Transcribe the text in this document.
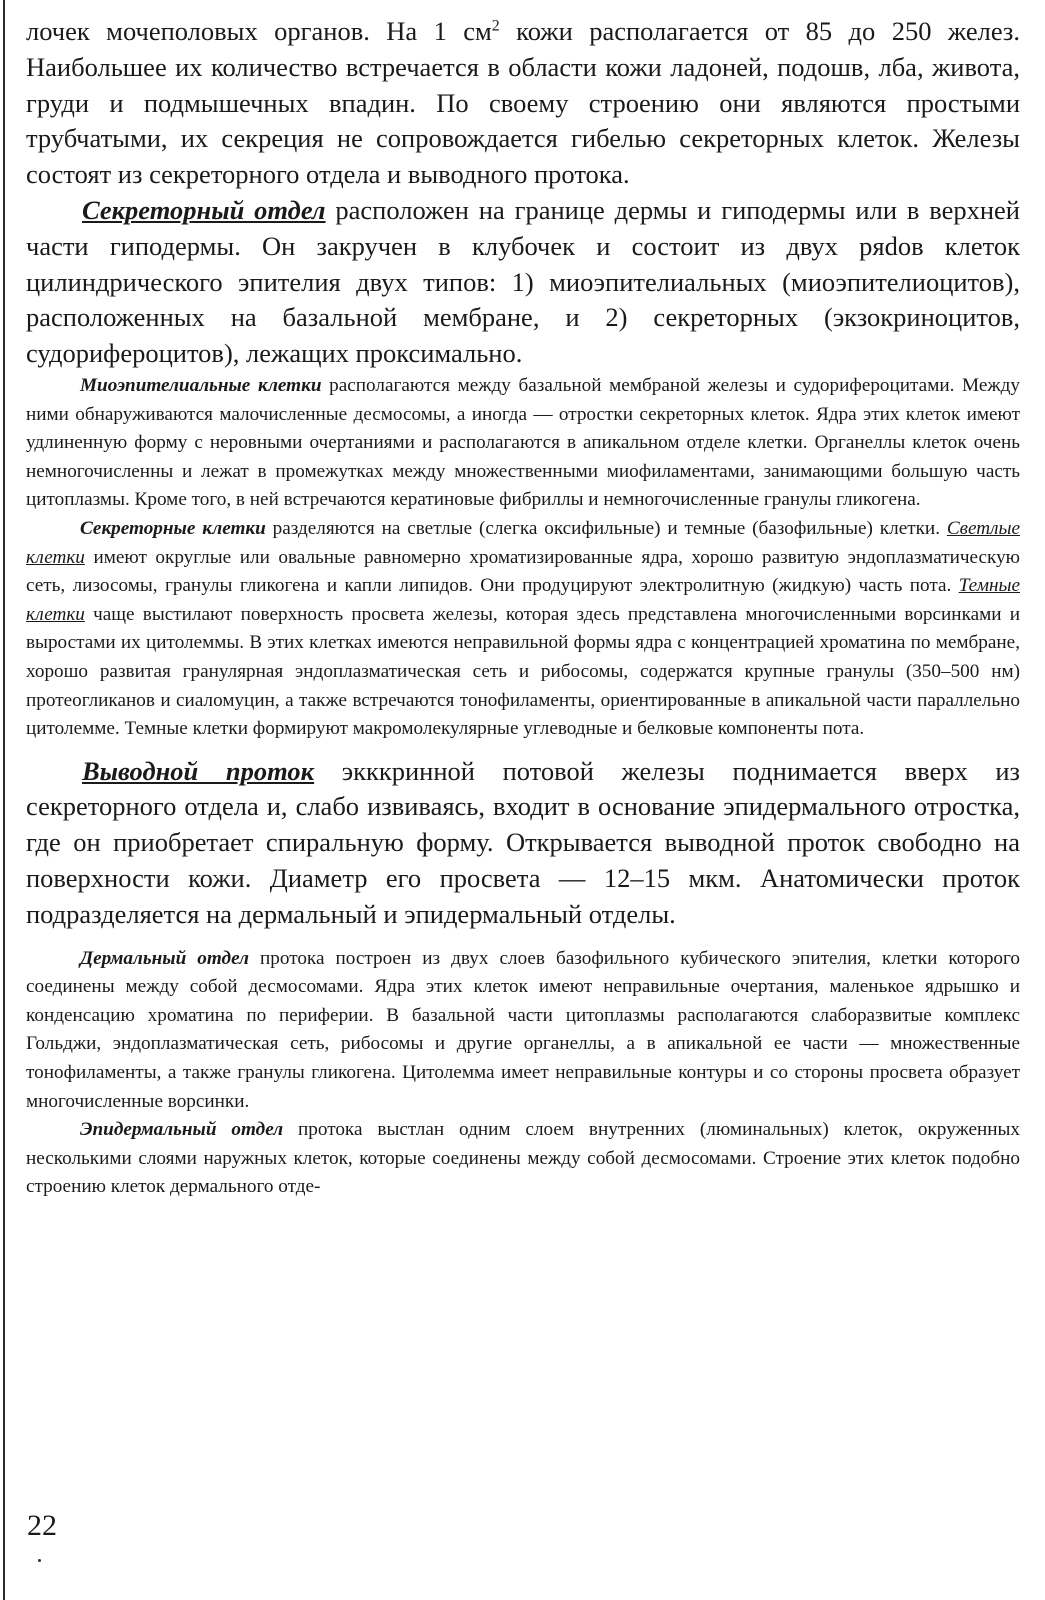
лочек мочеполовых органов. На 1 $см^2$ кожи располагается от 85 до 250 желез. Наибольшее их количество встречается в области кожи ладоней, подошв, лба, живота, груди и подмышечных впадин. По своему строeнию они являются простыми трубчатыми, их секреция не сопровождается гибелью секреторных клеток. Железы состоят из секреторного отдела и выводного протока.

Секреторный отдел расположен на границе дермы и гиподермы или в верхней части гиподермы. Он закручен в клубочек и состоит из двух ряdов клеток цилиндрического эпителия двух типов: 1) миоэпителиальных (миоэпителиоцитов), расположенных на базальной мембране, и 2) секреторных (экзокриноцитов, судорифероцитов), лежащих проксимально.

Миоэпителиальные клетки располагаются между базальной мембраной железы и судорифероцитами. Между ними обнаруживаются малочисленные десмосомы, а иногда — отростки секреторных клеток. Ядра этих клеток имеют удлиненную форму с неровными очертаниями и располагаются в апикальном отделе клетки. Органеллы клеток очень немногочисленны и лежат в промежутках между множественными миофиламентами, занимающими большую часть цитоплазмы. Кроме того, в ней встречаются кератиновые фибриллы и немногочисленные гранулы гликогена.

Секреторные клетки разделяются на светлые (слегка оксифильные) и темные (базофильные) клетки. Светлые клетки имеют округлые или овальные равномерно хроматизированные ядра, хорошо развитую эндоплазматическую сеть, лизосомы, гранулы гликогена и капли липидов. Они продуцируют электролитную (жидкую) часть пота. Темные клетки чаще выстилают поверхность просвета железы, которая здесь представлена многочисленными ворсинками и выростами их цитолеммы. В этих клетках имеются неправильной формы ядра с концентрацией хроматина по мембране, хорошо развитая гранулярная эндоплазматическая сеть и рибосомы, содержатся крупные гранулы (350–500 нм) протеогликанов и сиаломуцин, а также встречаются тонофиламенты, ориентированные в апикальной части параллельно цитолемме. Темные клетки формируют макромолекулярные углеводные и белковые компоненты пота.

Выводной проток экккринной потовой железы поднимается вверх из секреторного отдела и, слабо извиваясь, входит в основание эпидермального отростка, где он приобретает спиральную форму. Открывается выводной проток свободно на поверхности кожи. Диаметр его просвета — 12–15 мкм. Анатомически проток подразделяется на дермальный и эпидермальный отделы.

Дермальный отдел протока построен из двух слоев базофильного кубического эпителия, клетки которого соединены между собой десмосомами. Ядра этих клеток имеют неправильные очертания, маленькое ядрышко и конденсацию хроматина по периферии. В базальной части цитоплазмы располагаются слаборазвитые комплекс Гольджи, эндоплазматическая сеть, рибосомы и другие органеллы, а в апикальной ее части — множественные тонофиламенты, а также гранулы гликогена. Цитолемма имеет неправильные контуры и со стороны просвета образует многочисленные ворсинки.

Эпидермальный отдел протока выстлан одним слоем внутренних (люминальных) клеток, окруженных несколькими слоями наружных клеток, которые соединены между собой десмосомами. Строение этих клеток подобно строению клеток дермального отде-

22
